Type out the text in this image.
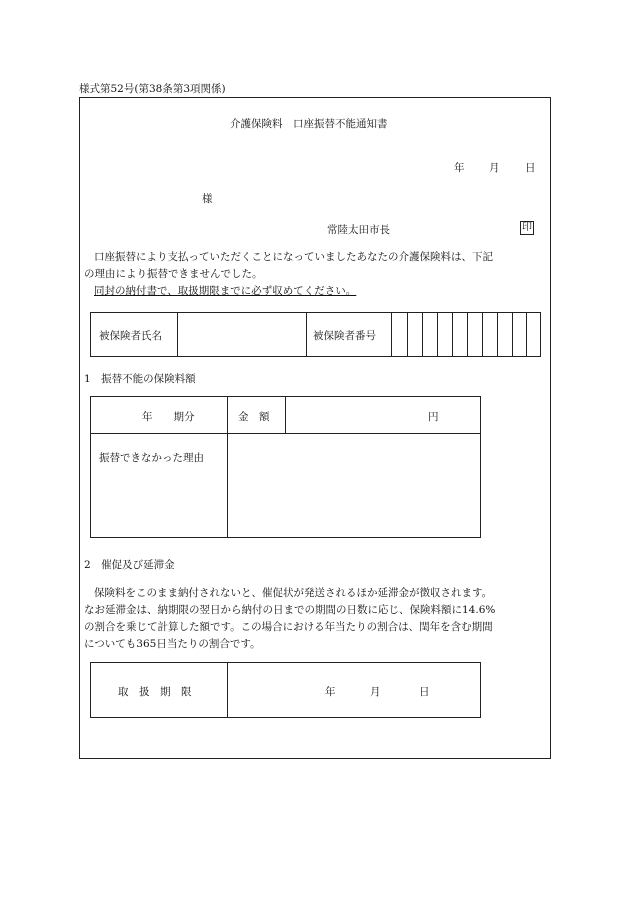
様式第52号(第38条第3項関係)
介護保険料　口座振替不能通知書
年 月 日
様
常陸太田市長	印

口座振替により支払っていただくことになっていましたあなたの介護保険料は、下記

の理由により振替できませんでした。

同封の納付書で、取扱期限までに必ず収めてください。

被保険者氏名	被保険者番号
1　振替不能の保険料額
年　　期分	金　額	円
振替できなかった理由
2　催促及び延滞金

保険料をこのまま納付されないと、催促状が発送されるほか延滞金が徴収されます。

なお延滞金は、納期限の翌日から納付の日までの期間の日数に応じ、保険料額に14.6%

の割合を乗じて計算した額です。この場合における年当たりの割合は、閏年を含む期間

についても365日当たりの割合です。

取　扱　期　限	年	月	日
